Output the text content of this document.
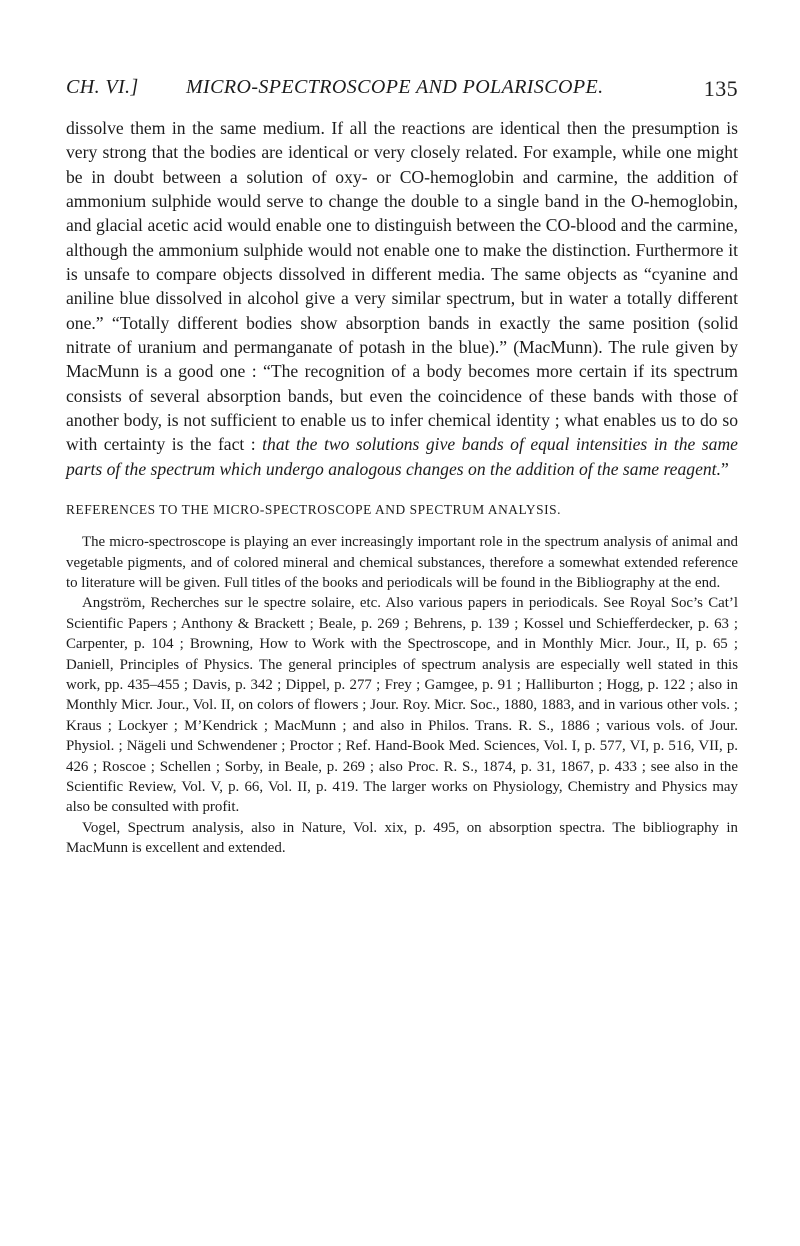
CH. VI.] MICRO-SPECTROSCOPE AND POLARISCOPE.	135

dissolve them in the same medium. If all the reactions are identical then the presumption is very strong that the bodies are identical or very closely related. For example, while one might be in doubt between a solution of oxy- or CO-hemoglobin and carmine, the addition of ammonium sulphide would serve to change the double to a single band in the O-hemoglobin, and glacial acetic acid would enable one to distinguish between the CO-blood and the carmine, although the ammonium sulphide would not enable one to make the distinction. Furthermore it is unsafe to compare objects dissolved in different media. The same objects as “cyanine and aniline blue dissolved in alcohol give a very similar spectrum, but in water a totally different one.” “Totally different bodies show absorption bands in exactly the same position (solid nitrate of uranium and permanganate of potash in the blue).” (MacMunn). The rule given by MacMunn is a good one : “The recognition of a body becomes more certain if its spectrum consists of several absorption bands, but even the coincidence of these bands with those of another body, is not sufficient to enable us to infer chemical identity ; what enables us to do so with certainty is the fact : that the two solutions give bands of equal intensities in the same parts of the spectrum which undergo analogous changes on the addition of the same reagent.”

REFERENCES TO THE MICRO-SPECTROSCOPE AND SPECTRUM ANALYSIS.

The micro-spectroscope is playing an ever increasingly important role in the spectrum analysis of animal and vegetable pigments, and of colored mineral and chemical substances, therefore a somewhat extended reference to literature will be given. Full titles of the books and periodicals will be found in the Bibliography at the end.

Angström, Recherches sur le spectre solaire, etc. Also various papers in periodicals. See Royal Soc’s Cat’l Scientific Papers ; Anthony & Brackett ; Beale, p. 269 ; Behrens, p. 139 ; Kossel und Schiefferdecker, p. 63 ; Carpenter, p. 104 ; Browning, How to Work with the Spectroscope, and in Monthly Micr. Jour., II, p. 65 ; Daniell, Principles of Physics. The general principles of spectrum analysis are especially well stated in this work, pp. 435–455 ; Davis, p. 342 ; Dippel, p. 277 ; Frey ; Gamgee, p. 91 ; Halliburton ; Hogg, p. 122 ; also in Monthly Micr. Jour., Vol. II, on colors of flowers ; Jour. Roy. Micr. Soc., 1880, 1883, and in various other vols. ; Kraus ; Lockyer ; M’Kendrick ; MacMunn ; and also in Philos. Trans. R. S., 1886 ; various vols. of Jour. Physiol. ; Nägeli und Schwendener ; Proctor ; Ref. Hand-Book Med. Sciences, Vol. I, p. 577, VI, p. 516, VII, p. 426 ; Roscoe ; Schellen ; Sorby, in Beale, p. 269 ; also Proc. R. S., 1874, p. 31, 1867, p. 433 ; see also in the Scientific Review, Vol. V, p. 66, Vol. II, p. 419. The larger works on Physiology, Chemistry and Physics may also be consulted with profit.

Vogel, Spectrum analysis, also in Nature, Vol. xix, p. 495, on absorption spectra. The bibliography in MacMunn is excellent and extended.
